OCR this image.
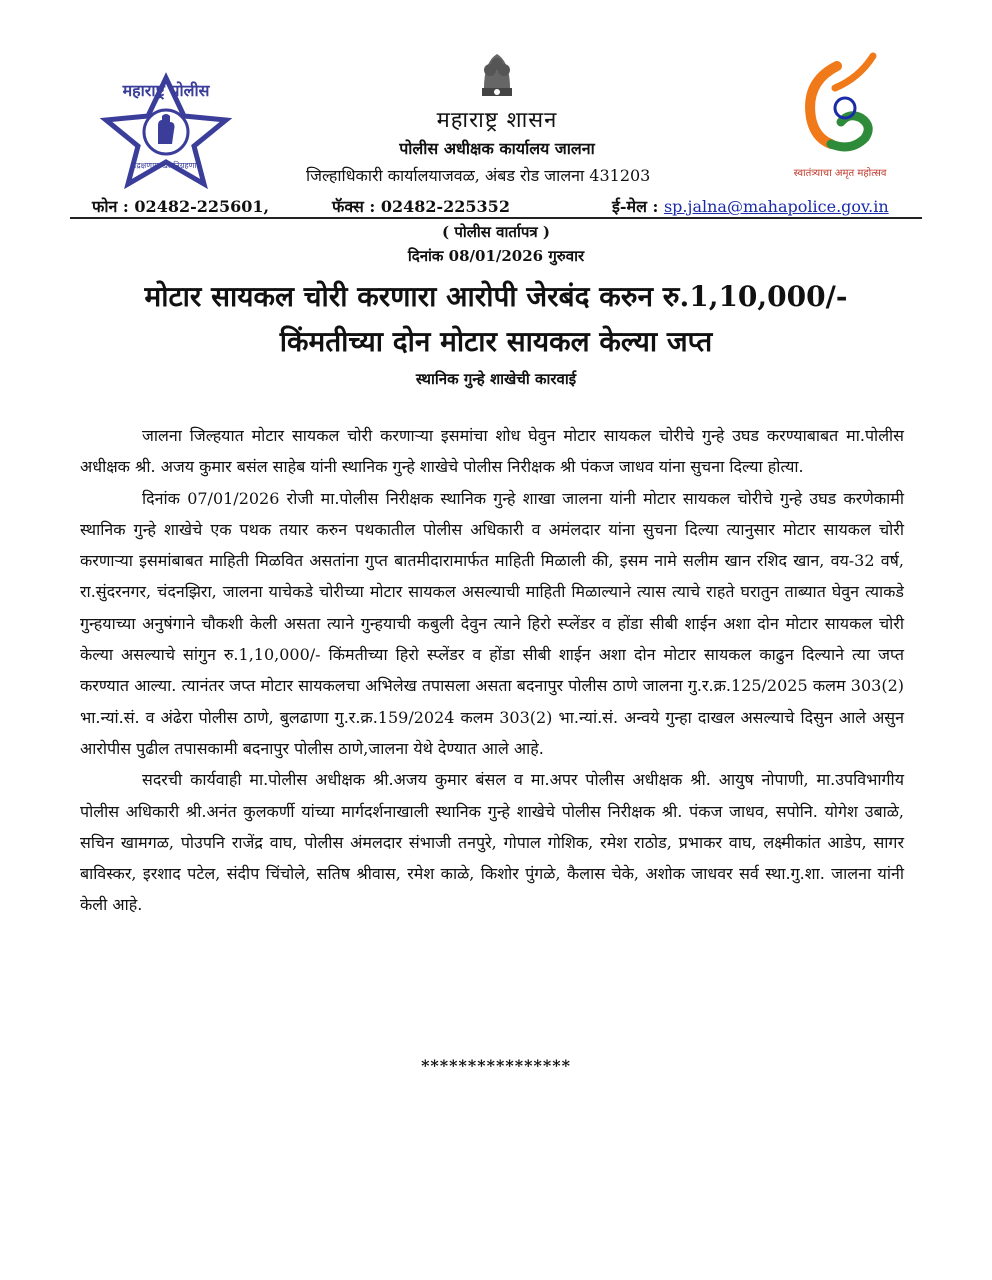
महाराष्ट्र पोलीस
सद्रक्षणाय खलनिग्रहणाय
स्वातंत्र्याचा अमृत महोत्सव
महाराष्ट्र शासन
पोलीस अधीक्षक कार्यालय जालना
जिल्हाधिकारी कार्यालयाजवळ, अंबड रोड जालना 431203
फोन : 02482-225601,	फॅक्स : 02482-225352	ई-मेल : sp.jalna@mahapolice.gov.in
( पोलीस वार्तापत्र )
दिनांक 08/01/2026 गुरुवार
मोटार सायकल चोरी करणारा आरोपी जेरबंद करुन रु.1,10,000/-
किंमतीच्या दोन मोटार सायकल केल्या जप्त
स्थानिक गुन्हे शाखेची कारवाई

जालना जिल्हयात मोटार सायकल चोरी करणाऱ्या इसमांचा शोध घेवुन मोटार सायकल चोरीचे गुन्हे उघड करण्याबाबत मा.पोलीस अधीक्षक श्री. अजय कुमार बसंल साहेब यांनी स्थानिक गुन्हे शाखेचे पोलीस निरीक्षक श्री पंकज जाधव यांना सुचना दिल्या होत्या.

दिनांक 07/01/2026 रोजी मा.पोलीस निरीक्षक स्थानिक गुन्हे शाखा जालना यांनी मोटार सायकल चोरीचे गुन्हे उघड करणेकामी स्थानिक गुन्हे शाखेचे एक पथक तयार करुन पथकातील पोलीस अधिकारी व अमंलदार यांना सुचना दिल्या त्यानुसार मोटार सायकल चोरी करणाऱ्या इसमांबाबत माहिती मिळवित असतांना गुप्त बातमीदारामार्फत माहिती मिळाली की, इसम नामे सलीम खान रशिद खान, वय-32 वर्ष, रा.सुंदरनगर, चंदनझिरा, जालना याचेकडे चोरीच्या मोटार सायकल असल्याची माहिती मिळाल्याने त्यास त्याचे राहते घरातुन ताब्यात घेवुन त्याकडे गुन्हयाच्या अनुषंगाने चौकशी केली असता त्याने गुन्हयाची कबुली देवुन त्याने हिरो स्प्लेंडर व होंडा सीबी शाईन अशा दोन मोटार सायकल चोरी केल्या असल्याचे सांगुन रु.1,10,000/- किंमतीच्या हिरो स्प्लेंडर व होंडा सीबी शाईन अशा दोन मोटार सायकल काढुन दिल्याने त्या जप्त करण्यात आल्या. त्यानंतर जप्त मोटार सायकलचा अभिलेख तपासला असता बदनापुर पोलीस ठाणे जालना गु.र.क्र.125/2025 कलम 303(2) भा.न्यां.सं. व अंढेरा पोलीस ठाणे, बुलढाणा गु.र.क्र.159/2024 कलम 303(2) भा.न्यां.सं. अन्वये गुन्हा दाखल असल्याचे दिसुन आले असुन आरोपीस पुढील तपासकामी बदनापुर पोलीस ठाणे,जालना येथे देण्यात आले आहे.

सदरची कार्यवाही मा.पोलीस अधीक्षक श्री.अजय कुमार बंसल व मा.अपर पोलीस अधीक्षक श्री. आयुष नोपाणी, मा.उपविभागीय पोलीस अधिकारी श्री.अनंत कुलकर्णी यांच्या मार्गदर्शनाखाली स्थानिक गुन्हे शाखेचे पोलीस निरीक्षक श्री. पंकज जाधव, सपोनि. योगेश उबाळे, सचिन खामगळ, पोउपनि राजेंद्र वाघ, पोलीस अंमलदार संभाजी तनपुरे, गोपाल गोशिक, रमेश राठोड, प्रभाकर वाघ, लक्ष्मीकांत आडेप, सागर बाविस्कर, इरशाद पटेल, संदीप चिंचोले, सतिष श्रीवास, रमेश काळे, किशोर पुंगळे, कैलास चेके, अशोक जाधवर सर्व स्था.गु.शा. जालना यांनी केली आहे.

****************
